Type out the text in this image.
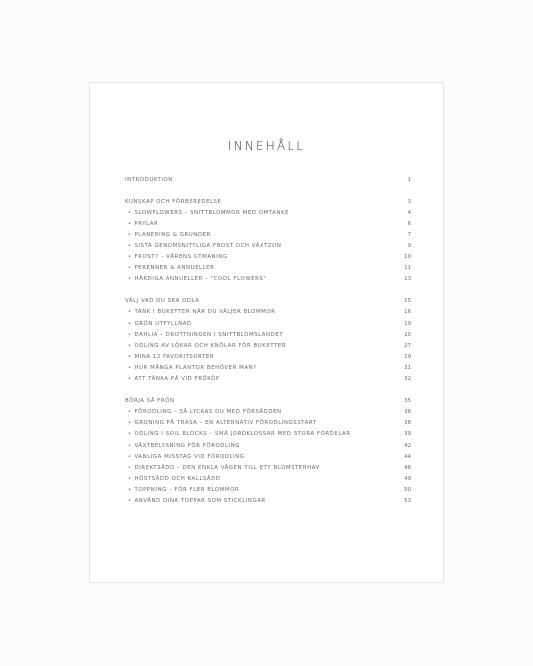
INNEHÅLL
INTRODUKTION	1
KUNSKAP OCH FÖRBEREDELSE	3
• SLOWFLOWERS – SNITTBLOMMOR MED OMTANKE	4
• PRYLAR	6
• PLANERING & GRUNDER	7
• SISTA GENOMSNITTLIGA FROST OCH VÄXTZON	9
• FROST? – VÅRENS UTMANING	10
• PERENNER & ANNUELLER	11
• HÄRDIGA ANNUELLER – "COOL FLOWERS"	13
VÄLJ VAD DU SKA ODLA	15
• TÄNK I BUKETTER NÄR DU VÄLJER BLOMMOR	16
• GRÖN UTFYLLNAD	19
• DAHLIA – DROTTNINGEN I SNITTBLOMSLANDET	20
• ODLING AV LÖKAR OCH KNÖLAR FÖR BUKETTER	27
• MINA 12 FAVORITSORTER	29
• HUR MÅNGA PLANTOR BEHÖVER MAN?	31
• ATT TÄNKA PÅ VID FRÖKÖP	32
BÖRJA SÅ FRÖN	35
• FÖRODLING – SÅ LYCKAS DU MED FÖRSÅDDEN	36
• GRONING PÅ TRASA – EN ALTERNATIV FÖRODLINGSSTART	38
• ODLING I SOIL BLOCKS – SMÅ JORDKLOSSAR MED STORA FÖRDELAR	39
• VÄXTBELYSNING FÖR FÖRODLING	42
• VANLIGA MISSTAG VID FÖRODLING	44
• DIREKTSÅDD – DEN ENKLA VÄGEN TILL ETT BLOMSTERHAV	46
• HÖSTSÅDD OCH KALLSÅDD	49
• TOPPNING – FÖR FLER BLOMMOR	50
• ANVÄND DINA TOPPAR SOM STICKLINGAR	53
